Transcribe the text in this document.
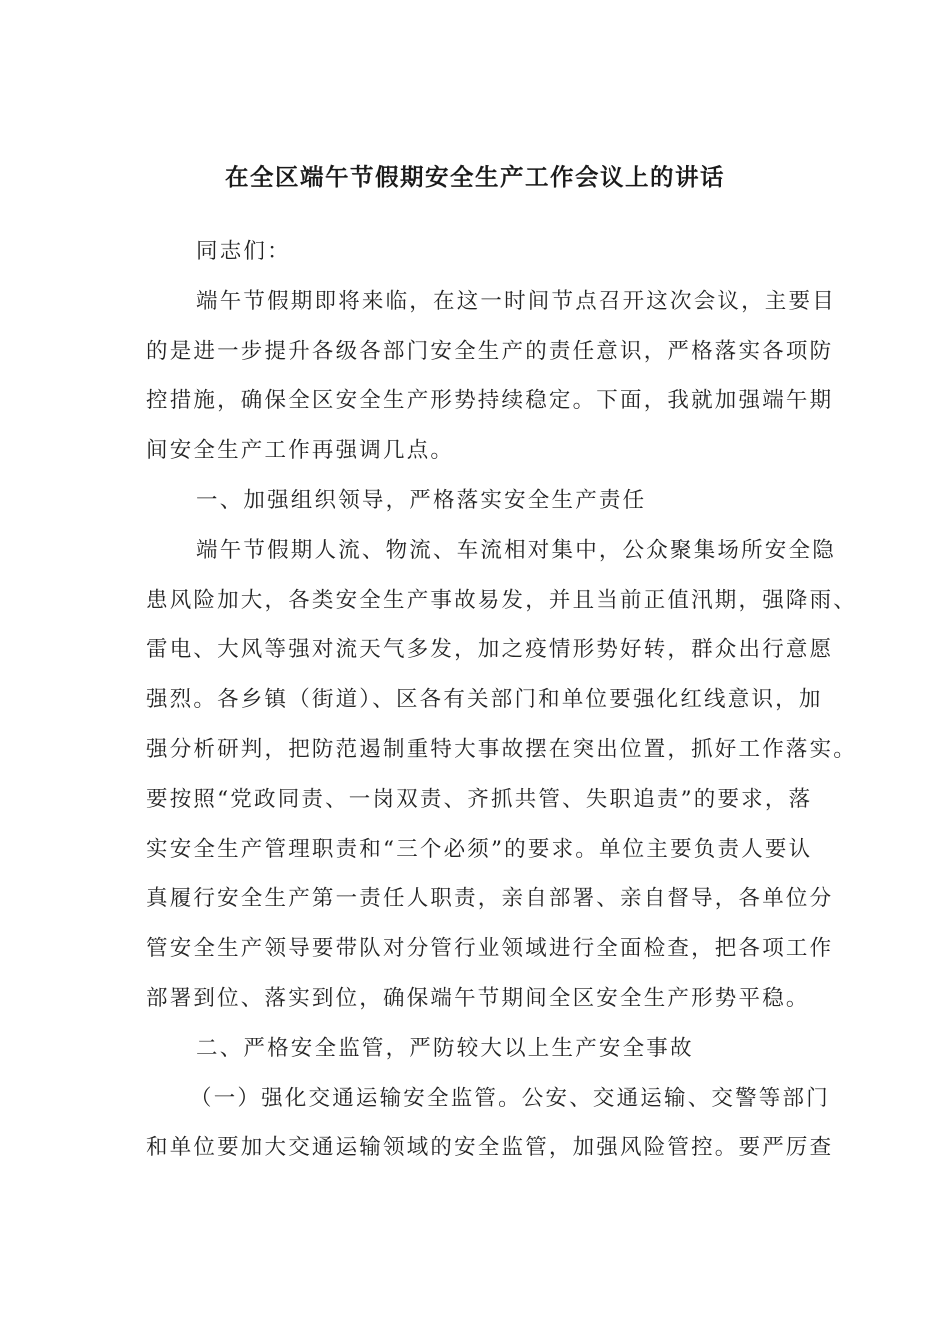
在全区端午节假期安全生产工作会议上的讲话
同志们：
端午节假期即将来临，在这一时间节点召开这次会议，主要目
的是进一步提升各级各部门安全生产的责任意识，严格落实各项防
控措施，确保全区安全生产形势持续稳定。下面，我就加强端午期
间安全生产工作再强调几点。
一、加强组织领导，严格落实安全生产责任
端午节假期人流、物流、车流相对集中，公众聚集场所安全隐
患风险加大，各类安全生产事故易发，并且当前正值汛期，强降雨、
雷电、大风等强对流天气多发，加之疫情形势好转，群众出行意愿
强烈。各乡镇（街道）、区各有关部门和单位要强化红线意识，加
强分析研判，把防范遏制重特大事故摆在突出位置，抓好工作落实。
要按照“党政同责、一岗双责、齐抓共管、失职追责”的要求，落
实安全生产管理职责和“三个必须”的要求。单位主要负责人要认
真履行安全生产第一责任人职责，亲自部署、亲自督导，各单位分
管安全生产领导要带队对分管行业领域进行全面检查，把各项工作
部署到位、落实到位，确保端午节期间全区安全生产形势平稳。
二、严格安全监管，严防较大以上生产安全事故
（一）强化交通运输安全监管。公安、交通运输、交警等部门
和单位要加大交通运输领域的安全监管，加强风险管控。要严厉查
